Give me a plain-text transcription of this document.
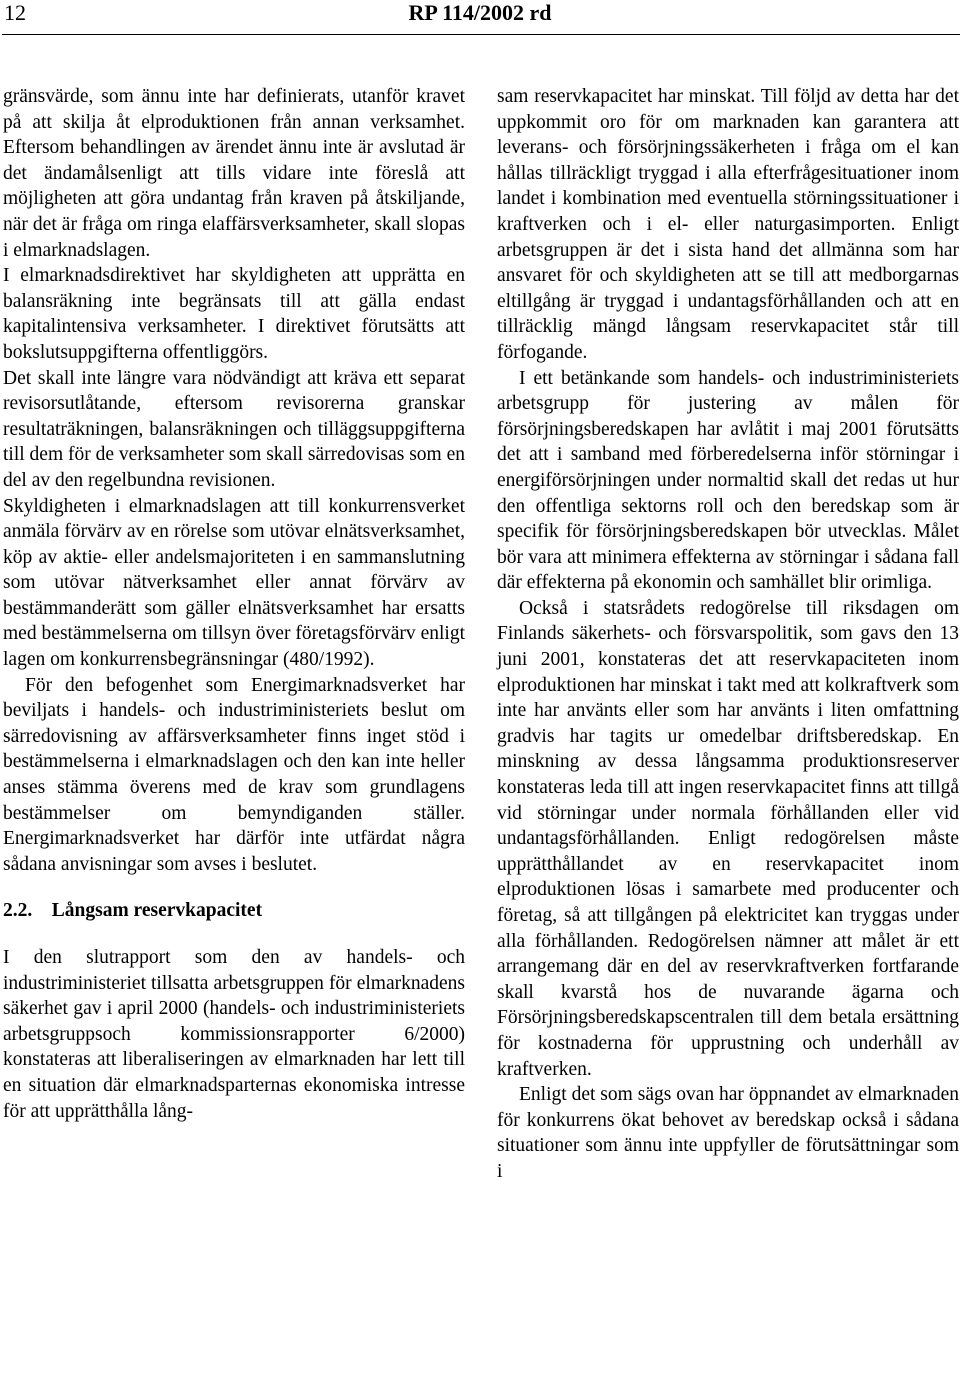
12	RP 114/2002 rd

gränsvärde, som ännu inte har definierats, utanför kravet på att skilja åt elproduktionen från annan verksamhet. Eftersom behandlingen av ärendet ännu inte är avslutad är det ändamålsenligt att tills vidare inte föreslå att möjligheten att göra undantag från kraven på åtskiljande, när det är fråga om ringa elaffärsverksamheter, skall slopas i elmarknadslagen.

I elmarknadsdirektivet har skyldigheten att upprätta en balansräkning inte begränsats till att gälla endast kapitalintensiva verksamheter. I direktivet förutsätts att bokslutsuppgifterna offentliggörs.

Det skall inte längre vara nödvändigt att kräva ett separat revisorsutlåtande, eftersom revisorerna granskar resultaträkningen, balansräkningen och tilläggsuppgifterna till dem för de verksamheter som skall särredovisas som en del av den regelbundna revisionen.

Skyldigheten i elmarknadslagen att till konkurrensverket anmäla förvärv av en rörelse som utövar elnätsverksamhet, köp av aktie- eller andelsmajoriteten i en sammanslutning som utövar nätverksamhet eller annat förvärv av bestämmanderätt som gäller elnätsverksamhet har ersatts med bestämmelserna om tillsyn över företagsförvärv enligt lagen om konkurrensbegränsningar (480/1992).

För den befogenhet som Energimarknadsverket har beviljats i handels- och industriministeriets beslut om särredovisning av affärsverksamheter finns inget stöd i bestämmelserna i elmarknadslagen och den kan inte heller anses stämma överens med de krav som grundlagens bestämmelser om bemyndiganden ställer. Energimarknadsverket har därför inte utfärdat några sådana anvisningar som avses i beslutet.

2.2.    Långsam reservkapacitet

I den slutrapport som den av handels- och industriministeriet tillsatta arbetsgruppen för elmarknadens säkerhet gav i april 2000 (handels- och industriministeriets arbetsgruppsoch kommissionsrapporter 6/2000) konstateras att liberaliseringen av elmarknaden har lett till en situation där elmarknadsparternas ekonomiska intresse för att upprätthålla lång-

sam reservkapacitet har minskat. Till följd av detta har det uppkommit oro för om marknaden kan garantera att leverans- och försörjningssäkerheten i fråga om el kan hållas tillräckligt tryggad i alla efterfrågesituationer inom landet i kombination med eventuella störningssituationer i kraftverken och i el- eller naturgasimporten. Enligt arbetsgruppen är det i sista hand det allmänna som har ansvaret för och skyldigheten att se till att medborgarnas eltillgång är tryggad i undantagsförhållanden och att en tillräcklig mängd långsam reservkapacitet står till förfogande.

I ett betänkande som handels- och industriministeriets arbetsgrupp för justering av målen för försörjningsberedskapen har avlåtit i maj 2001 förutsätts det att i samband med förberedelserna inför störningar i energiförsörjningen under normaltid skall det redas ut hur den offentliga sektorns roll och den beredskap som är specifik för försörjningsberedskapen bör utvecklas. Målet bör vara att minimera effekterna av störningar i sådana fall där effekterna på ekonomin och samhället blir orimliga.

Också i statsrådets redogörelse till riksdagen om Finlands säkerhets- och försvarspolitik, som gavs den 13 juni 2001, konstateras det att reservkapaciteten inom elproduktionen har minskat i takt med att kolkraftverk som inte har använts eller som har använts i liten omfattning gradvis har tagits ur omedelbar driftsberedskap. En minskning av dessa långsamma produktionsreserver konstateras leda till att ingen reservkapacitet finns att tillgå vid störningar under normala förhållanden eller vid undantagsförhållanden. Enligt redogörelsen måste upprätthållandet av en reservkapacitet inom elproduktionen lösas i samarbete med producenter och företag, så att tillgången på elektricitet kan tryggas under alla förhållanden. Redogörelsen nämner att målet är ett arrangemang där en del av reservkraftverken fortfarande skall kvarstå hos de nuvarande ägarna och Försörjningsberedskapscentralen till dem betala ersättning för kostnaderna för upprustning och underhåll av kraftverken.

Enligt det som sägs ovan har öppnandet av elmarknaden för konkurrens ökat behovet av beredskap också i sådana situationer som ännu inte uppfyller de förutsättningar som i
